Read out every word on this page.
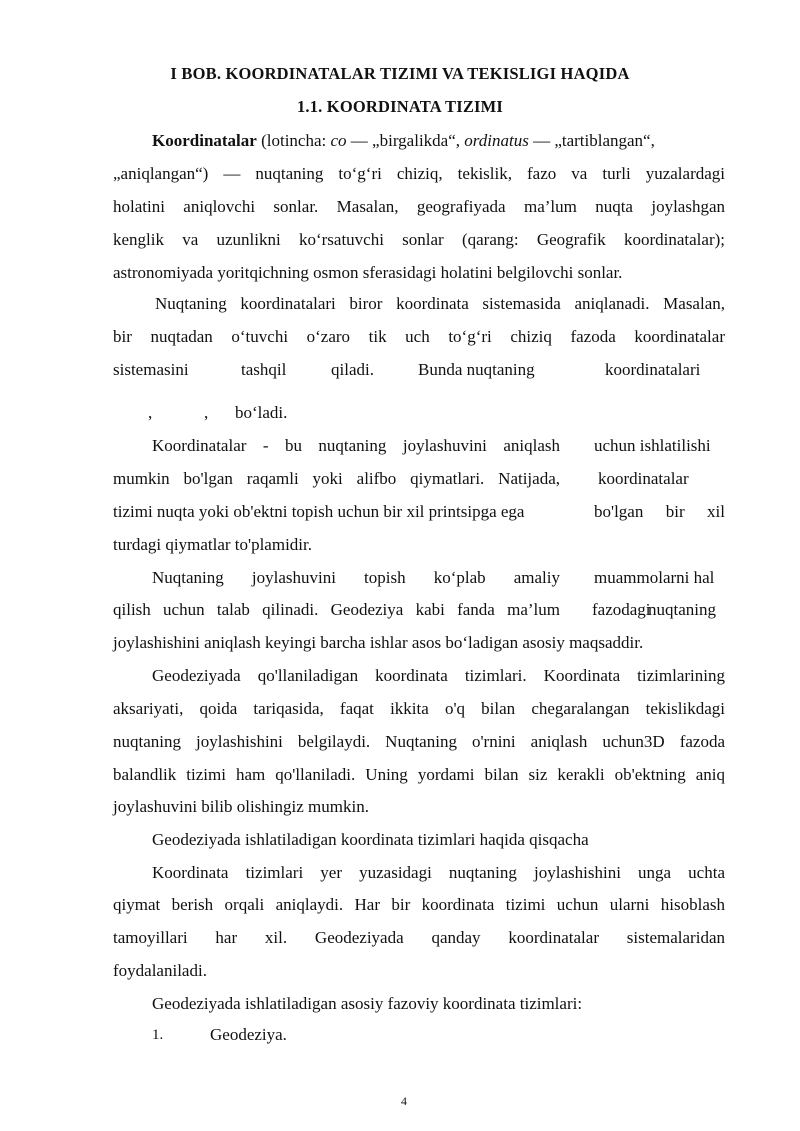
I BOB. KOORDINATALAR TIZIMI VA TEKISLIGI HAQIDA
1.1. KOORDINATA TIZIMI
Koordinatalar (lotincha: co — „birgalikda“, ordinatus — „tartiblangan“,
„aniqlangan“) — nuqtaning to‘g‘ri chiziq, tekislik, fazo va turli yuzalardagi
holatini aniqlovchi sonlar. Masalan, geografiyada ma’lum nuqta joylashgan
kenglik va uzunlikni ko‘rsatuvchi sonlar (qarang: Geografik koordinatalar);
astronomiyada yoritqichning osmon sferasidagi holatini belgilovchi sonlar.
Nuqtaning koordinatalari biror koordinata sistemasida aniqlanadi. Masalan,
bir nuqtadan o‘tuvchi o‘zaro tik uch to‘g‘ri chiziq fazoda koordinatalar
sistemasini	tashqil	qiladi.	Bunda nuqtaning	koordinatalari
,	, bo‘ladi.
Koordinatalar - bu nuqtaning joylashuvini aniqlash uchun ishlatilishi
mumkin bo'lgan raqamli yoki alifbo qiymatlari. Natijada, koordinatalar
tizimi nuqta yoki ob'ektni topish uchun bir xil printsipga ega	bo'lgan bir xil
turdagi qiymatlar to'plamidir.
Nuqtaning joylashuvini topish ko‘plab amaliy muammolarni hal
qilish uchun talab qilinadi. Geodeziya kabi fanda ma’lum fazodagi
nuqtaning
joylashishini aniqlash keyingi barcha ishlar asos bo‘ladigan asosiy maqsaddir.
Geodeziyada qo'llaniladigan koordinata tizimlari. Koordinata tizimlarining
aksariyati, qoida tariqasida, faqat ikkita o'q bilan chegaralangan tekislikdagi
nuqtaning joylashishini belgilaydi. Nuqtaning o'rnini aniqlash uchun3D fazoda
balandlik tizimi ham qo'llaniladi. Uning yordami bilan siz kerakli ob'ektning aniq
joylashuvini bilib olishingiz mumkin.
Geodeziyada ishlatiladigan koordinata tizimlari haqida qisqacha
Koordinata tizimlari yer yuzasidagi nuqtaning joylashishini unga uchta
qiymat berish orqali aniqlaydi. Har bir koordinata tizimi uchun ularni hisoblash
tamoyillari har xil. Geodeziyada qanday koordinatalar sistemalaridan
foydalaniladi.
Geodeziyada ishlatiladigan asosiy fazoviy koordinata tizimlari:
1.	Geodeziya.
4
